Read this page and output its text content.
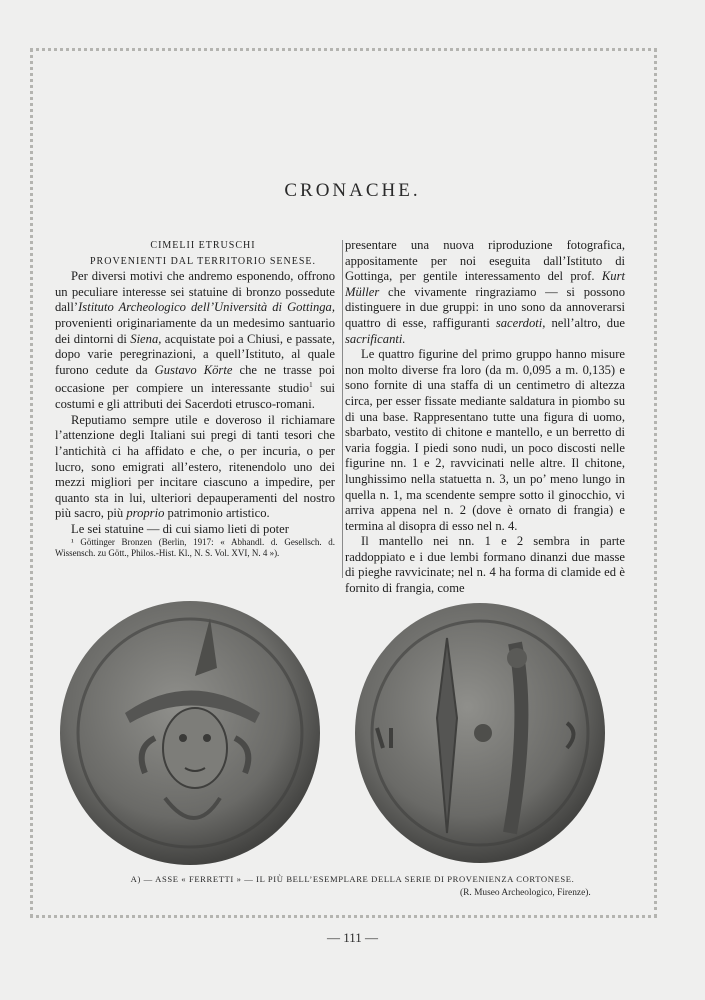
CRONACHE.

CIMELII ETRUSCHI

PROVENIENTI DAL TERRITORIO SENESE.

Per diversi motivi che andremo esponendo, offrono un peculiare interesse sei statuine di bronzo possedute dall’Istituto Archeologico dell’Università di Gottinga, provenienti originariamente da un medesimo santuario dei dintorni di Siena, acquistate poi a Chiusi, e passate, dopo varie peregrinazioni, a quell’Istituto, al quale furono cedute da Gustavo Körte che ne trasse poi occasione per compiere un interessante studio$^1$ sui costumi e gli attributi dei Sacerdoti etrusco-romani.

Reputiamo sempre utile e doveroso il richiamare l’attenzione degli Italiani sui pregi di tanti tesori che l’antichità ci ha affidato e che, o per incuria, o per lucro, sono emigrati all’estero, ritenendolo uno dei mezzi migliori per incitare ciascuno a impedire, per quanto sta in lui, ulteriori depauperamenti del nostro più sacro, più proprio patrimonio artistico.

Le sei statuine — di cui siamo lieti di poter

¹ Göttinger Bronzen (Berlin, 1917: « Abhandl. d. Gesellsch. d. Wissensch. zu Gött., Philos.-Hist. Kl., N. S. Vol. XVI, N. 4 »).

presentare una nuova riproduzione fotografica, appositamente per noi eseguita dall’Istituto di Gottinga, per gentile interessamento del prof. Kurt Müller che vivamente ringraziamo — si possono distinguere in due gruppi: in uno sono da annoverarsi quattro di esse, raffiguranti sacerdoti, nell’altro, due sacrificanti.

Le quattro figurine del primo gruppo hanno misure non molto diverse fra loro (da m. 0,095 a m. 0,135) e sono fornite di una staffa di un centimetro di altezza circa, per esser fissate mediante saldatura in piombo su di una base. Rappresentano tutte una figura di uomo, sbarbato, vestito di chitone e mantello, e un berretto di varia foggia. I piedi sono nudi, un poco discosti nelle figurine nn. 1 e 2, ravvicinati nelle altre. Il chitone, lunghissimo nella statuetta n. 3, un po’ meno lungo in quella n. 1, ma scendente sempre sotto il ginocchio, vi arriva appena nel n. 2 (dove è ornato di frangia) e termina al disopra di esso nel n. 4.

Il mantello nei nn. 1 e 2 sembra in parte raddoppiato e i due lembi formano dinanzi due masse di pieghe ravvicinate; nel n. 4 ha forma di clamide ed è fornito di frangia, come

A) — ASSE « FERRETTI » — IL PIÙ BELL’ESEMPLARE DELLA SERIE DI PROVENIENZA CORTONESE.
(R. Museo Archeologico, Firenze).
— 111 —
